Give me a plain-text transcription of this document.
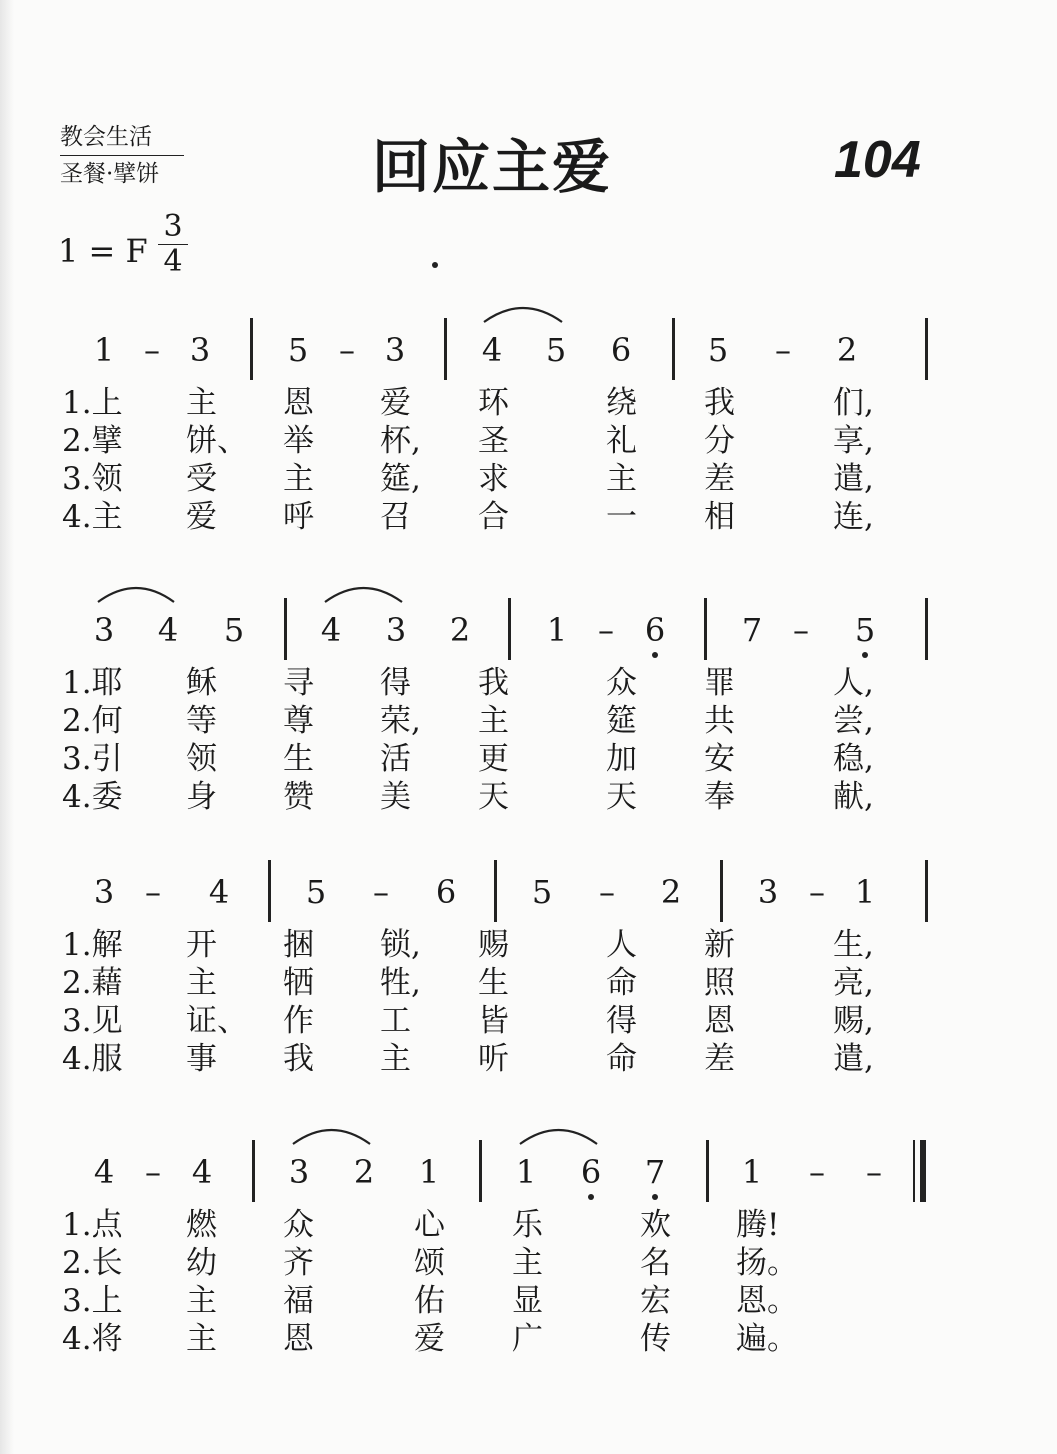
教会生活
圣餐·擘饼	回应主爱	104
1 = F
3
4
1 – 3	5 – 3	4	5	6	5	–	2
1.上 主 恩 爱 环	绕 我	们,
2.擘 饼、 举 杯, 圣	礼 分	享,
3.领 受 主 筵, 求	主 差	遣,
4.主 爱 呼 召 合	一 相	连,
3	4	5	4	3	2	1 – 6	7 –	5
1.耶 稣 寻 得 我	众 罪	人,
2.何 等 尊 荣, 主	筵 共	尝,
3.引 领 生 活 更	加 安	稳,
4.委 身 赞 美 天	天 奉	献,
3 –	4	5	–	6	5	–	2	3 – 1
1.解 开 捆 锁, 赐	人 新	生,
2.藉 主 牺 牲, 生	命 照	亮,
3.见 证、 作 工 皆	得 恩	赐,
4.服 事 我 主 听	命 差	遣,
4 – 4	3	2	1	1	6	7	1	–	–
1.点 燃 众	心 乐	欢 腾!
2.长 幼 齐	颂 主	名 扬。
3.上 主 福	佑 显	宏 恩。
4.将 主 恩	爱 广	传 遍。
